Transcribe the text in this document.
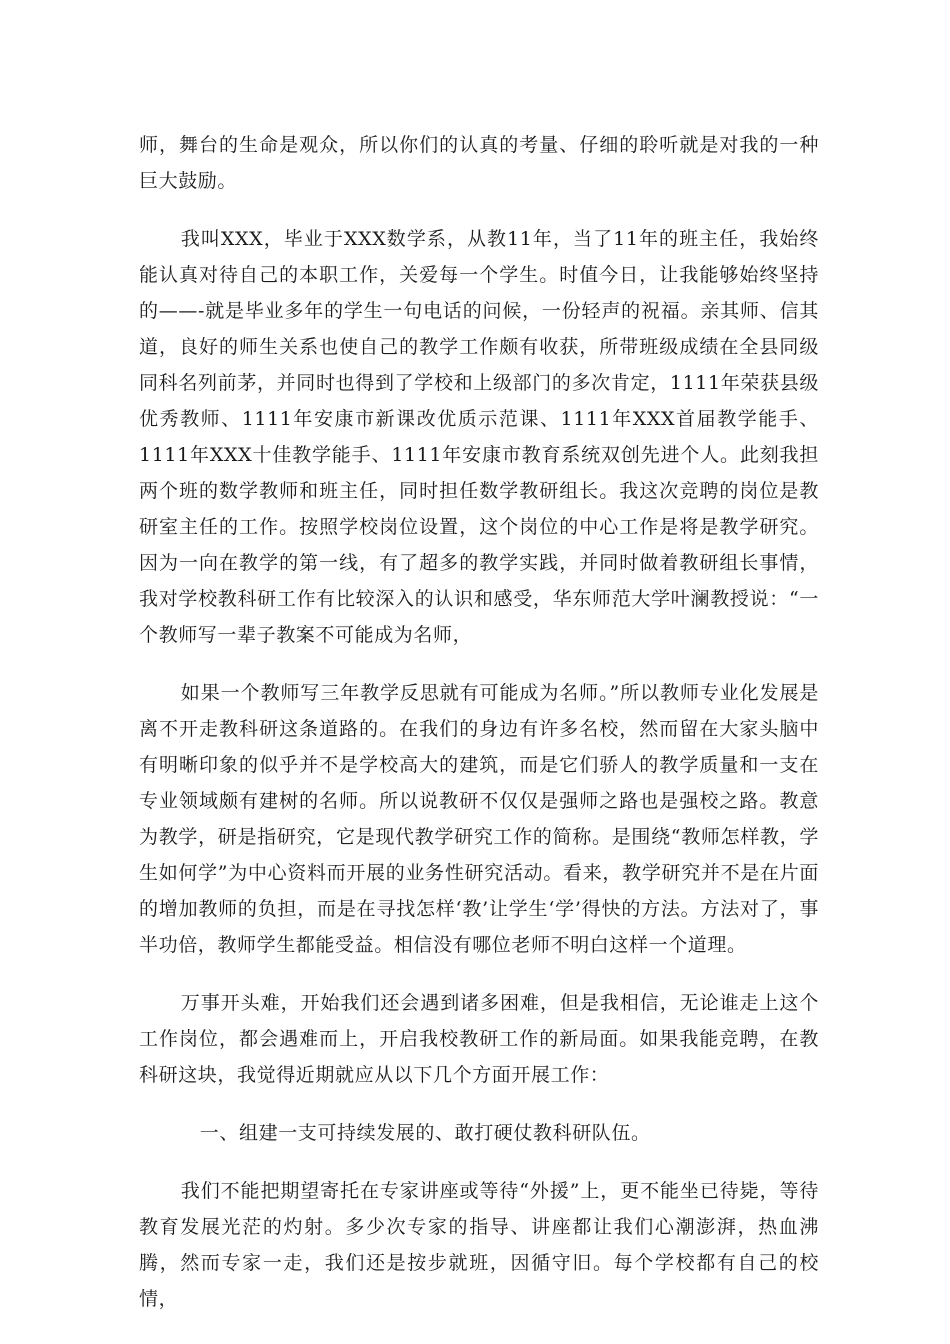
师，舞台的生命是观众，所以你们的认真的考量、仔细的聆听就是对我的一种巨大鼓励。

我叫XXX，毕业于XXX数学系，从教11年，当了11年的班主任，我始终能认真对待自己的本职工作，关爱每一个学生。时值今日，让我能够始终坚持的——-就是毕业多年的学生一句电话的问候，一份轻声的祝福。亲其师、信其道，良好的师生关系也使自己的教学工作颇有收获，所带班级成绩在全县同级同科名列前茅，并同时也得到了学校和上级部门的多次肯定，1111年荣获县级优秀教师、1111年安康市新课改优质示范课、1111年XXX首届教学能手、1111年XXX十佳教学能手、1111年安康市教育系统双创先进个人。此刻我担两个班的数学教师和班主任，同时担任数学教研组长。我这次竞聘的岗位是教研室主任的工作。按照学校岗位设置，这个岗位的中心工作是将是教学研究。因为一向在教学的第一线，有了超多的教学实践，并同时做着教研组长事情，我对学校教科研工作有比较深入的认识和感受，华东师范大学叶澜教授说：“一个教师写一辈子教案不可能成为名师，

如果一个教师写三年教学反思就有可能成为名师。”所以教师专业化发展是离不开走教科研这条道路的。在我们的身边有许多名校，然而留在大家头脑中有明晰印象的似乎并不是学校高大的建筑，而是它们骄人的教学质量和一支在专业领域颇有建树的名师。所以说教研不仅仅是强师之路也是强校之路。教意为教学，研是指研究，它是现代教学研究工作的简称。是围绕“教师怎样教，学生如何学”为中心资料而开展的业务性研究活动。看来，教学研究并不是在片面的增加教师的负担，而是在寻找怎样‘教’让学生‘学’得快的方法。方法对了，事半功倍，教师学生都能受益。相信没有哪位老师不明白这样一个道理。

万事开头难，开始我们还会遇到诸多困难，但是我相信，无论谁走上这个工作岗位，都会遇难而上，开启我校教研工作的新局面。如果我能竞聘，在教科研这块，我觉得近期就应从以下几个方面开展工作：

一、组建一支可持续发展的、敢打硬仗教科研队伍。

我们不能把期望寄托在专家讲座或等待“外援”上，更不能坐已待毙，等待教育发展光茫的灼射。多少次专家的指导、讲座都让我们心潮澎湃，热血沸腾，然而专家一走，我们还是按步就班，因循守旧。每个学校都有自己的校情，
